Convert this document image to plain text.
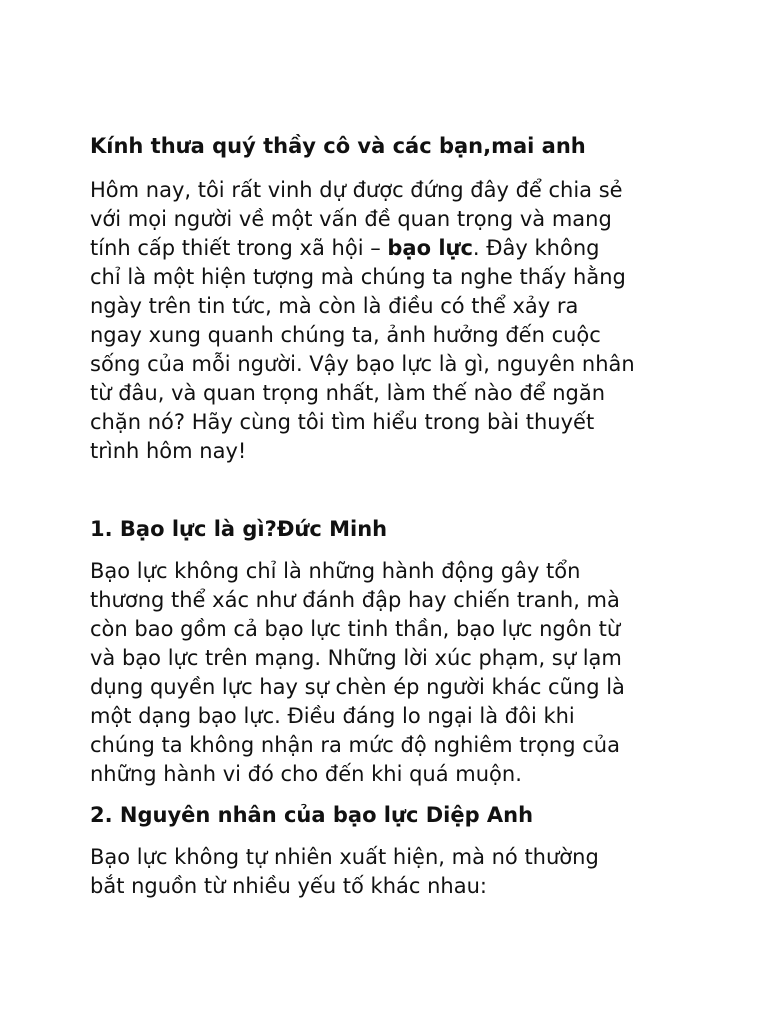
Kính thưa quý thầy cô và các bạn,mai anh

Hôm nay, tôi rất vinh dự được đứng đây để chia sẻ
với mọi người về một vấn đề quan trọng và mang
tính cấp thiết trong xã hội – bạo lực. Đây không
chỉ là một hiện tượng mà chúng ta nghe thấy hằng
ngày trên tin tức, mà còn là điều có thể xảy ra
ngay xung quanh chúng ta, ảnh hưởng đến cuộc
sống của mỗi người. Vậy bạo lực là gì, nguyên nhân
từ đâu, và quan trọng nhất, làm thế nào để ngăn
chặn nó? Hãy cùng tôi tìm hiểu trong bài thuyết
trình hôm nay!

1. Bạo lực là gì?Đức Minh

Bạo lực không chỉ là những hành động gây tổn
thương thể xác như đánh đập hay chiến tranh, mà
còn bao gồm cả bạo lực tinh thần, bạo lực ngôn từ
và bạo lực trên mạng. Những lời xúc phạm, sự lạm
dụng quyền lực hay sự chèn ép người khác cũng là
một dạng bạo lực. Điều đáng lo ngại là đôi khi
chúng ta không nhận ra mức độ nghiêm trọng của
những hành vi đó cho đến khi quá muộn.

2. Nguyên nhân của bạo lực Diệp Anh

Bạo lực không tự nhiên xuất hiện, mà nó thường
bắt nguồn từ nhiều yếu tố khác nhau:
